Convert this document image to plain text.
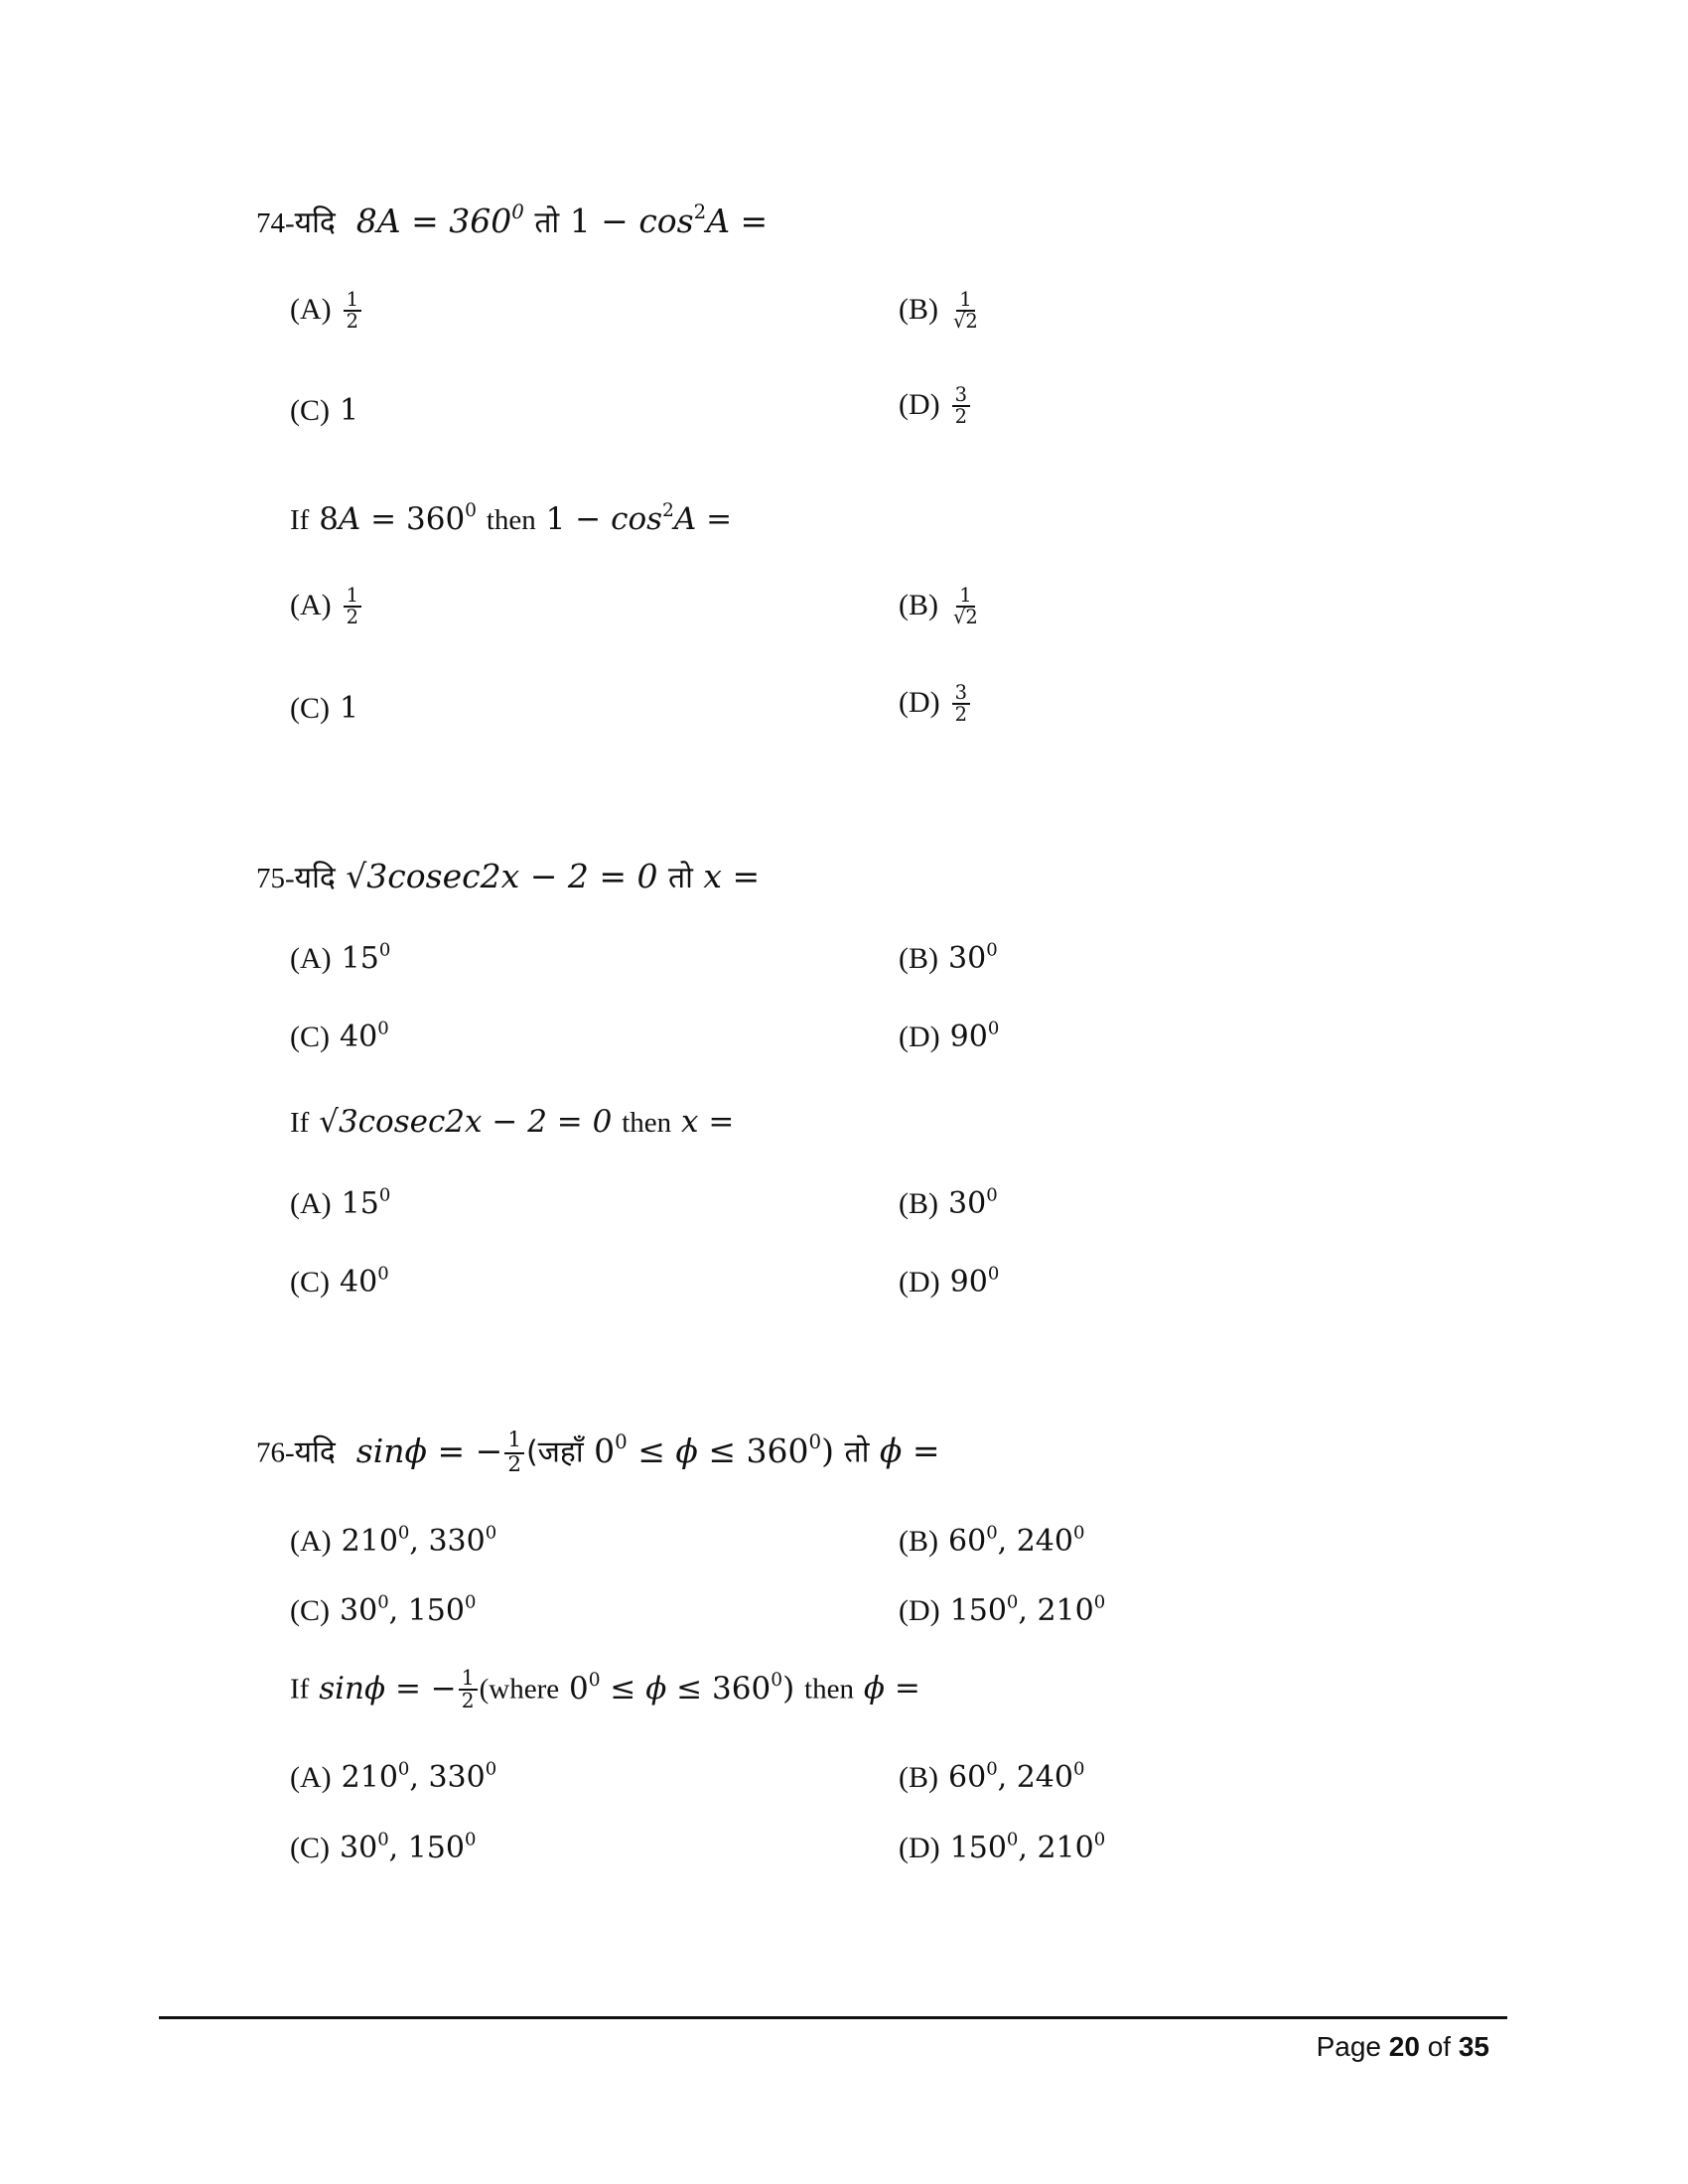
74-यदि  $8A = 360^0$ तो $1 - \cos^2A$ =
$(A) \frac{1}{2}$	$(B) \frac{1}{√2}$
(C) 1	$(D) \frac{3}{2}$
If $8A = 360^0$ then $1 - \cos^2A$ =
$(A) \frac{1}{2}$	$(B) \frac{1}{√2}$
(C) 1	$(D) \frac{3}{2}$
75-यदि √3cosec2x − 2 = 0 तो x =
(A) $15^0$	(B) $30^0$
(C) $40^0$	(D) $90^0$
If √3cosec2x − 2 = 0 then x =
(A) $15^0$	(B) $30^0$
(C) $40^0$	(D) $90^0$
76-यदि sinϕ = − $\frac{1}{2}$ (जहाँ $0^0 \le \phi \le 360^0$) तो ϕ =
(A) $210^0$, $330^0$	(B) $60^0$, $240^0$
(C) $30^0$, $150^0$	(D) $150^0$, $210^0$
If sinϕ = − $\frac{1}{2}$ (where $0^0 \le \phi \le 360^0$) then ϕ =
(A) $210^0$, $330^0$	(B) $60^0$, $240^0$
(C) $30^0$, $150^0$	(D) $150^0$, $210^0$
Page 20 of 35
